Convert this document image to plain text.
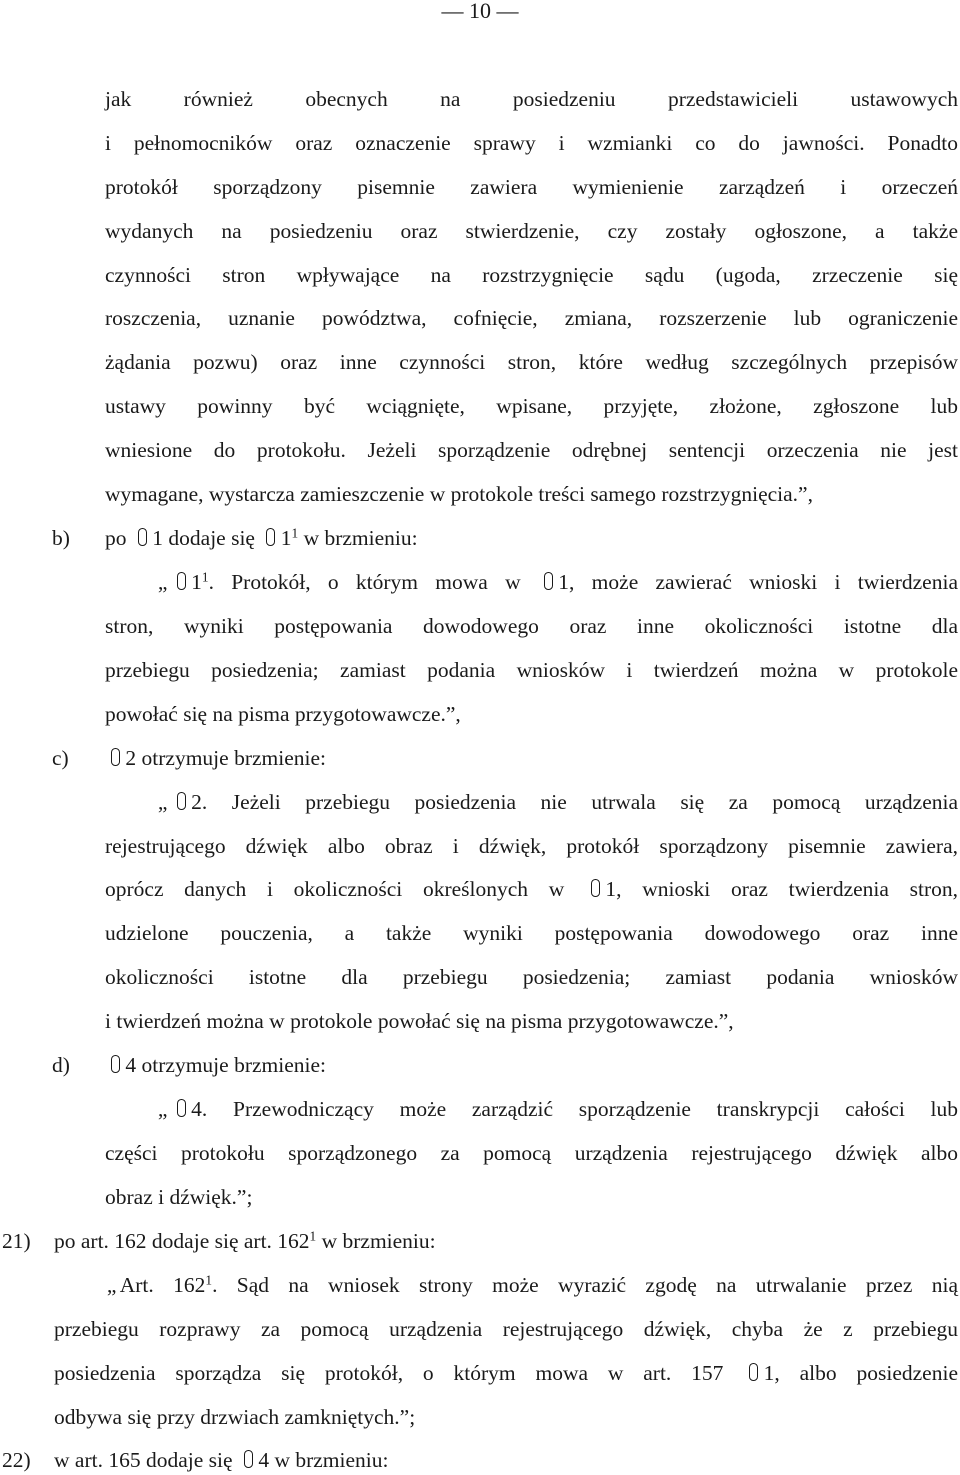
— 10 —
jak również obecnych na posiedzeniu przedstawicieli ustawowych
i pełnomocników oraz oznaczenie sprawy i wzmianki co do jawności. Ponadto
protokół sporządzony pisemnie zawiera wymienienie zarządzeń i orzeczeń
wydanych na posiedzeniu oraz stwierdzenie, czy zostały ogłoszone, a także
czynności stron wpływające na rozstrzygnięcie sądu (ugoda, zrzeczenie się
roszczenia, uznanie powództwa, cofnięcie, zmiana, rozszerzenie lub ograniczenie
żądania pozwu) oraz inne czynności stron, które według szczególnych przepisów
ustawy powinny być wciągnięte, wpisane, przyjęte, złożone, zgłoszone lub
wniesione do protokołu. Jeżeli sporządzenie odrębnej sentencji orzeczenia nie jest
wymagane, wystarcza zamieszczenie w protokole treści samego rozstrzygnięcia.”,
b) po 1 dodaje się $1^1$ w brzmieniu:
,, $1^1$. Protokół, o którym mowa w 1, może zawierać wnioski i twierdzenia
stron, wyniki postępowania dowodowego oraz inne okoliczności istotne dla
przebiegu posiedzenia; zamiast podania wniosków i twierdzeń można w protokole
powołać się na pisma przygotowawcze.”,
c)	2 otrzymuje brzmienie:
,, 2. Jeżeli przebiegu posiedzenia nie utrwala się za pomocą urządzenia
rejestrującego dźwięk albo obraz i dźwięk, protokół sporządzony pisemnie zawiera,
oprócz danych i okoliczności określonych w 1, wnioski oraz twierdzenia stron,
udzielone pouczenia, a także wyniki postępowania dowodowego oraz inne
okoliczności istotne dla przebiegu posiedzenia; zamiast podania wniosków
i twierdzeń można w protokole powołać się na pisma przygotowawcze.”,
d)	4 otrzymuje brzmienie:
,, 4. Przewodniczący może zarządzić sporządzenie transkrypcji całości lub
części protokołu sporządzonego za pomocą urządzenia rejestrującego dźwięk albo
obraz i dźwięk.”;
21) po art. 162 dodaje się art. $162^1$ w brzmieniu:
,, Art. $162^1$. Sąd na wniosek strony może wyrazić zgodę na utrwalanie przez nią
przebiegu rozprawy za pomocą urządzenia rejestrującego dźwięk, chyba że z przebiegu
posiedzenia sporządza się protokół, o którym mowa w art. 157 1, albo posiedzenie
odbywa się przy drzwiach zamkniętych.”;
22) w art. 165 dodaje się 4 w brzmieniu:
